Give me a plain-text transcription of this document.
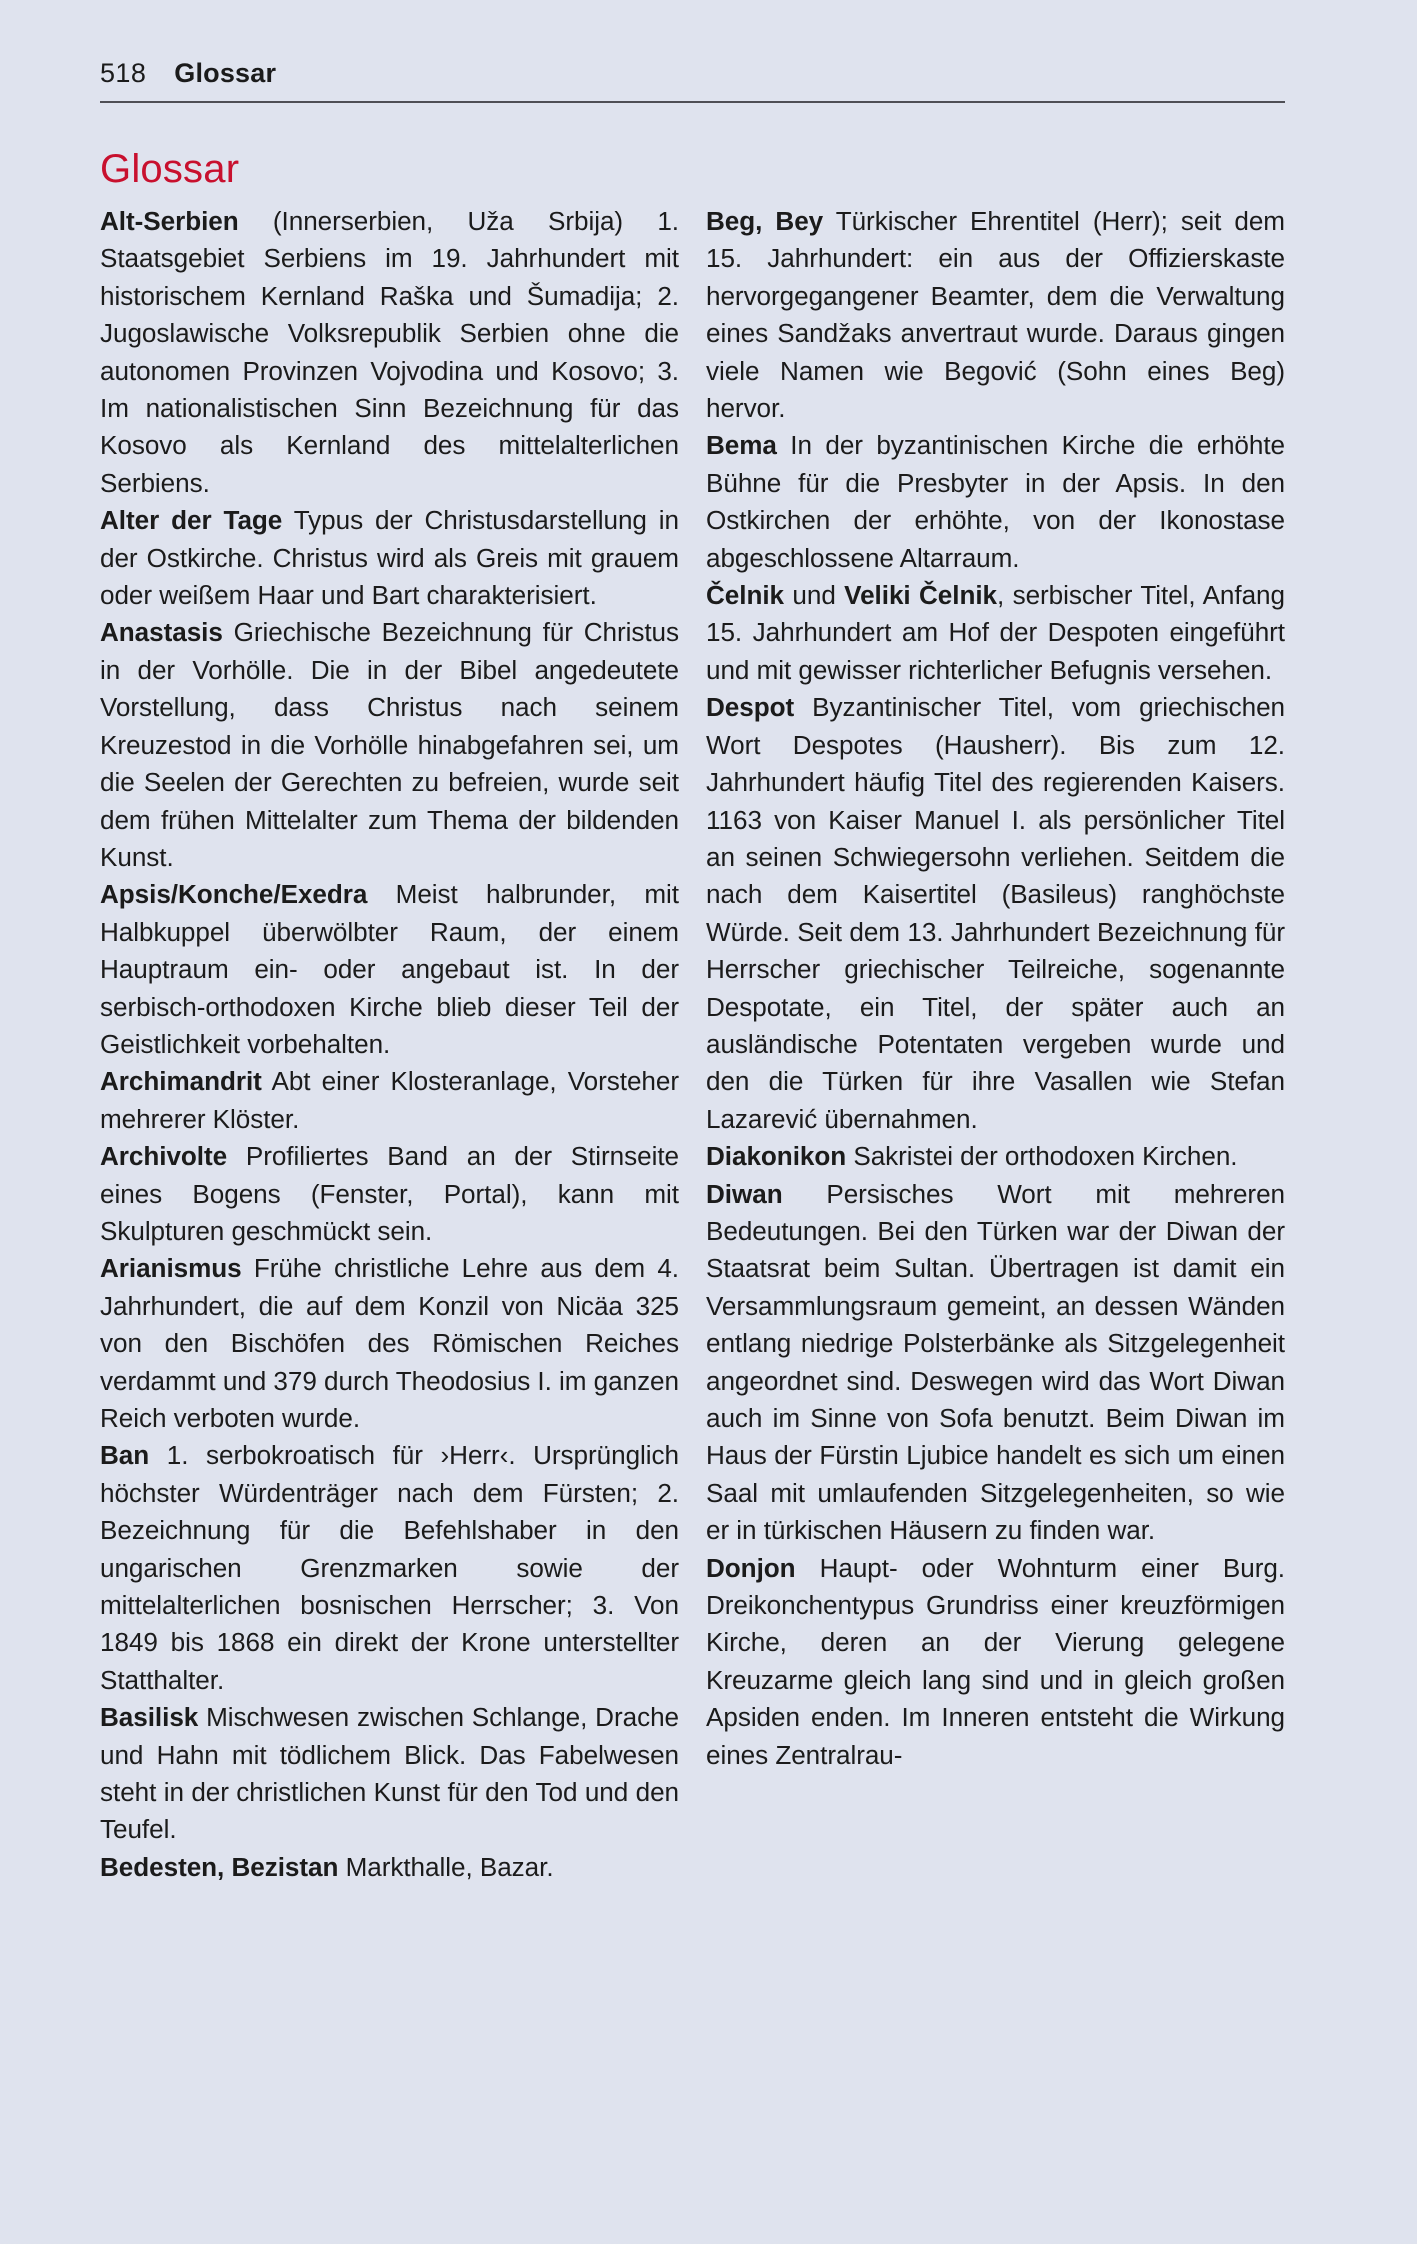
518 Glossar
Glossar

Alt-Serbien (Innerserbien, Uža Srbija) 1. Staatsgebiet Serbiens im 19. Jahrhundert mit historischem Kernland Raška und Šumadija; 2. Jugoslawische Volksrepublik Serbien ohne die autonomen Provinzen Vojvodina und Kosovo; 3. Im nationalistischen Sinn Bezeichnung für das Kosovo als Kernland des mittelalterlichen Serbiens.

Alter der Tage Typus der Christusdarstellung in der Ostkirche. Christus wird als Greis mit grauem oder weißem Haar und Bart charakterisiert.

Anastasis Griechische Bezeichnung für Christus in der Vorhölle. Die in der Bibel angedeutete Vorstellung, dass Christus nach seinem Kreuzestod in die Vorhölle hinabgefahren sei, um die Seelen der Gerechten zu befreien, wurde seit dem frühen Mittelalter zum Thema der bildenden Kunst.

Apsis/Konche/Exedra Meist halbrunder, mit Halbkuppel überwölbter Raum, der einem Hauptraum ein- oder angebaut ist. In der serbisch-orthodoxen Kirche blieb dieser Teil der Geistlichkeit vorbehalten.

Archimandrit Abt einer Klosteranlage, Vorsteher mehrerer Klöster.

Archivolte Profiliertes Band an der Stirnseite eines Bogens (Fenster, Portal), kann mit Skulpturen geschmückt sein.

Arianismus Frühe christliche Lehre aus dem 4. Jahrhundert, die auf dem Konzil von Nicäa 325 von den Bischöfen des Römischen Reiches verdammt und 379 durch Theodosius I. im ganzen Reich verboten wurde.

Ban 1. serbokroatisch für ›Herr‹. Ursprünglich höchster Würdenträger nach dem Fürsten; 2. Bezeichnung für die Befehlshaber in den ungarischen Grenzmarken sowie der mittelalterlichen bosnischen Herrscher; 3. Von 1849 bis 1868 ein direkt der Krone unterstellter Statthalter.

Basilisk Mischwesen zwischen Schlange, Drache und Hahn mit tödlichem Blick. Das Fabelwesen steht in der christlichen Kunst für den Tod und den Teufel.

Bedesten, Bezistan Markthalle, Bazar.

Beg, Bey Türkischer Ehrentitel (Herr); seit dem 15. Jahrhundert: ein aus der Offizierskaste hervorgegangener Beamter, dem die Verwaltung eines Sandžaks anvertraut wurde. Daraus gingen viele Namen wie Begović (Sohn eines Beg) hervor.

Bema In der byzantinischen Kirche die erhöhte Bühne für die Presbyter in der Apsis. In den Ostkirchen der erhöhte, von der Ikonostase abgeschlossene Altarraum.

Čelnik und Veliki Čelnik, serbischer Titel, Anfang 15. Jahrhundert am Hof der Despoten eingeführt und mit gewisser richterlicher Befugnis versehen.

Despot Byzantinischer Titel, vom griechischen Wort Despotes (Hausherr). Bis zum 12. Jahrhundert häufig Titel des regierenden Kaisers. 1163 von Kaiser Manuel I. als persönlicher Titel an seinen Schwiegersohn verliehen. Seitdem die nach dem Kaisertitel (Basileus) ranghöchste Würde. Seit dem 13. Jahrhundert Bezeichnung für Herrscher griechischer Teilreiche, sogenannte Despotate, ein Titel, der später auch an ausländische Potentaten vergeben wurde und den die Türken für ihre Vasallen wie Stefan Lazarević übernahmen.

Diakonikon Sakristei der orthodoxen Kirchen.

Diwan Persisches Wort mit mehreren Bedeutungen. Bei den Türken war der Diwan der Staatsrat beim Sultan. Übertragen ist damit ein Versammlungsraum gemeint, an dessen Wänden entlang niedrige Polsterbänke als Sitzgelegenheit angeordnet sind. Deswegen wird das Wort Diwan auch im Sinne von Sofa benutzt. Beim Diwan im Haus der Fürstin Ljubice handelt es sich um einen Saal mit umlaufenden Sitzgelegenheiten, so wie er in türkischen Häusern zu finden war.

Donjon Haupt- oder Wohnturm einer Burg. Dreikonchentypus Grundriss einer kreuzförmigen Kirche, deren an der Vierung gelegene Kreuzarme gleich lang sind und in gleich großen Apsiden enden. Im Inneren entsteht die Wirkung eines Zentralrau-
